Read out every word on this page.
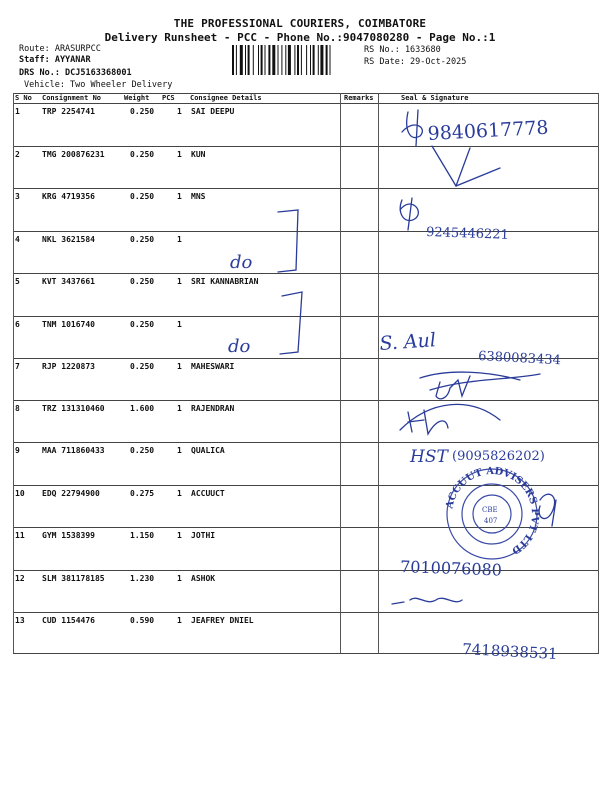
THE PROFESSIONAL COURIERS, COIMBATORE
Delivery Runsheet - PCC - Phone No.:9047080280 - Page No.:1
Route: ARASURPCC
Staff: AYYANAR
DRS No.: DCJ5163368001
Vehicle: Two Wheeler Delivery
RS No.: 1633680
RS Date: 29-Oct-2025
S No Consignment No	Weight PCS Consignee Details	Remarks	Seal & Signature
1	TRP 2254741	0.250	1 SAI DEEPU
2	TMG 200876231	0.250	1 KUN
3	KRG 4719356	0.250	1 MNS
4	NKL 3621584	0.250	1
5	KVT 3437661	0.250	1 SRI KANNABRIAN
6	TNM 1016740	0.250	1
7	RJP 1220873	0.250	1 MAHESWARI
8	TRZ 131310460	1.600	1 RAJENDRAN
9	MAA 711860433	0.250	1 QUALICA
10 EDQ 22794900	0.275	1 ACCUUCT
11 GYM 1538399	1.150	1 JOTHI
12 SLM 381178185	1.230	1 ASHOK
13 CUD 1154476	0.590	1 JEAFREY DNIEL
ACCUUT ADVISERS PVT LTD
CBE
407
9840617778
9245446221
do
do	S. Aul
6380083434
HST (9095826202)
7010076080
7418938531
